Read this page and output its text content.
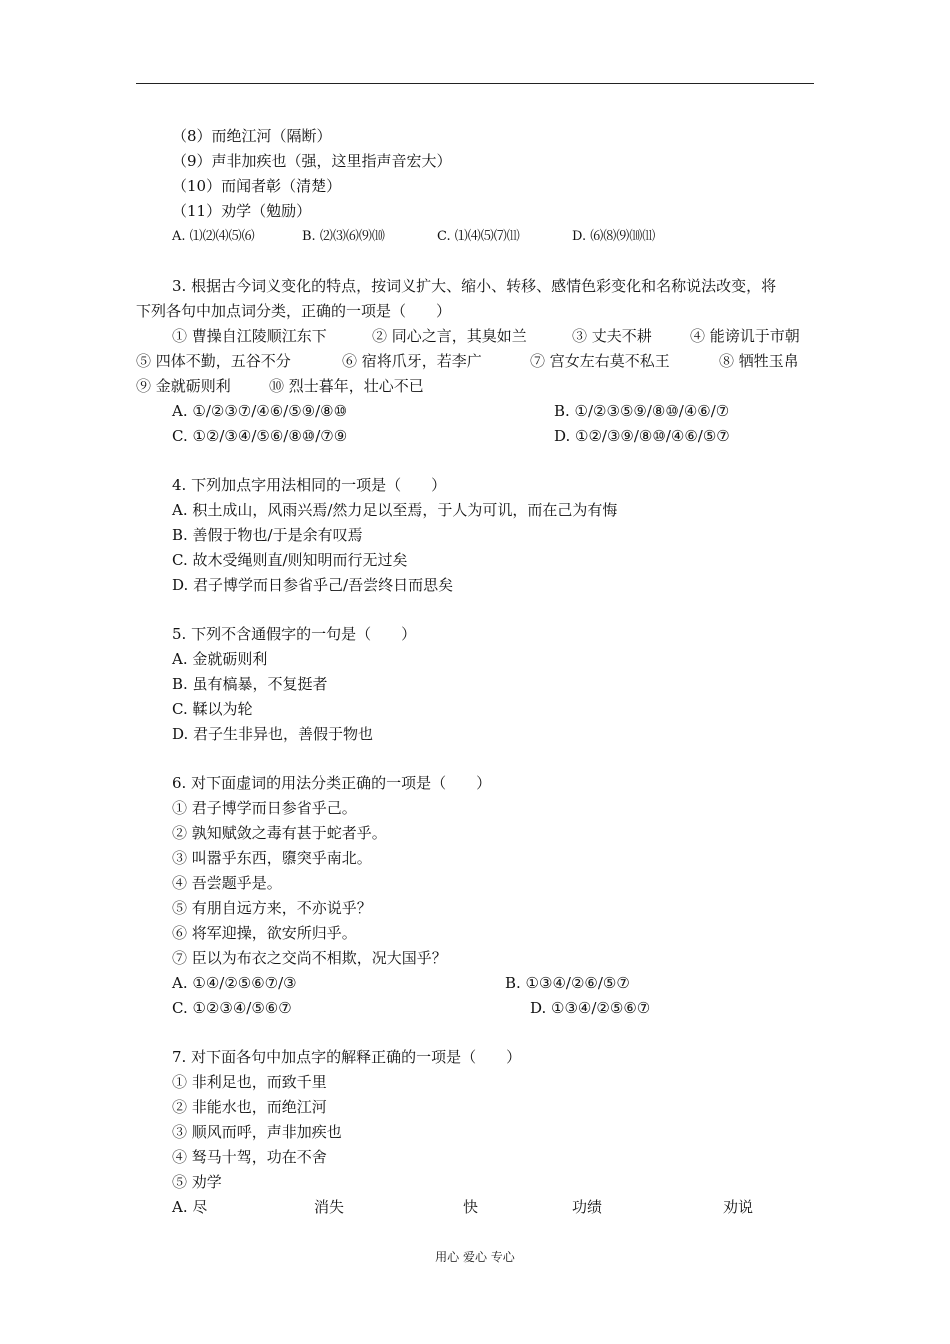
（8）而绝江河（隔断）
（9）声非加疾也（强，这里指声音宏大）
（10）而闻者彰（清楚）
（11）劝学（勉励）
A. ⑴⑵⑷⑸⑹	B. ⑵⑶⑹⑼⑽	C. ⑴⑷⑸⑺⑾	D. ⑹⑻⑼⑽⑾
3. 根据古今词义变化的特点，按词义扩大、缩小、转移、感情色彩变化和名称说法改变，将
下列各句中加点词分类，正确的一项是（　　）
① 曹操自江陵顺江东下	② 同心之言，其臭如兰	③ 丈夫不耕	④ 能谤讥于市朝
⑤ 四体不勤，五谷不分	⑥ 宿将爪牙，若李广	⑦ 宫女左右莫不私王	⑧ 牺牲玉帛
⑨ 金就砺则利	⑩ 烈士暮年，壮心不已
A. ①/②③⑦/④⑥/⑤⑨/⑧⑩	B. ①/②③⑤⑨/⑧⑩/④⑥/⑦
C. ①②/③④/⑤⑥/⑧⑩/⑦⑨	D. ①②/③⑨/⑧⑩/④⑥/⑤⑦
4. 下列加点字用法相同的一项是（　　）
A. 积土成山，风雨兴焉/然力足以至焉，于人为可讥，而在己为有悔
B. 善假于物也/于是余有叹焉
C. 故木受绳则直/则知明而行无过矣
D. 君子博学而日参省乎己/吾尝终日而思矣
5. 下列不含通假字的一句是（　　）
A. 金就砺则利
B. 虽有槁暴，不复挺者
C. 鞣以为轮
D. 君子生非异也，善假于物也
6. 对下面虚词的用法分类正确的一项是（　　）
① 君子博学而日参省乎己。
② 孰知赋敛之毒有甚于蛇者乎。
③ 叫嚣乎东西，隳突乎南北。
④ 吾尝题乎是。
⑤ 有朋自远方来，不亦说乎？
⑥ 将军迎操，欲安所归乎。
⑦ 臣以为布衣之交尚不相欺，况大国乎？
A. ①④/②⑤⑥⑦/③	B. ①③④/②⑥/⑤⑦
C. ①②③④/⑤⑥⑦	D. ①③④/②⑤⑥⑦
7. 对下面各句中加点字的解释正确的一项是（　　）
① 非利足也，而致千里
② 非能水也，而绝江河
③ 顺风而呼，声非加疾也
④ 驽马十驾，功在不舍
⑤ 劝学
A. 尽	消失	快	功绩	劝说
用心 爱心 专心
